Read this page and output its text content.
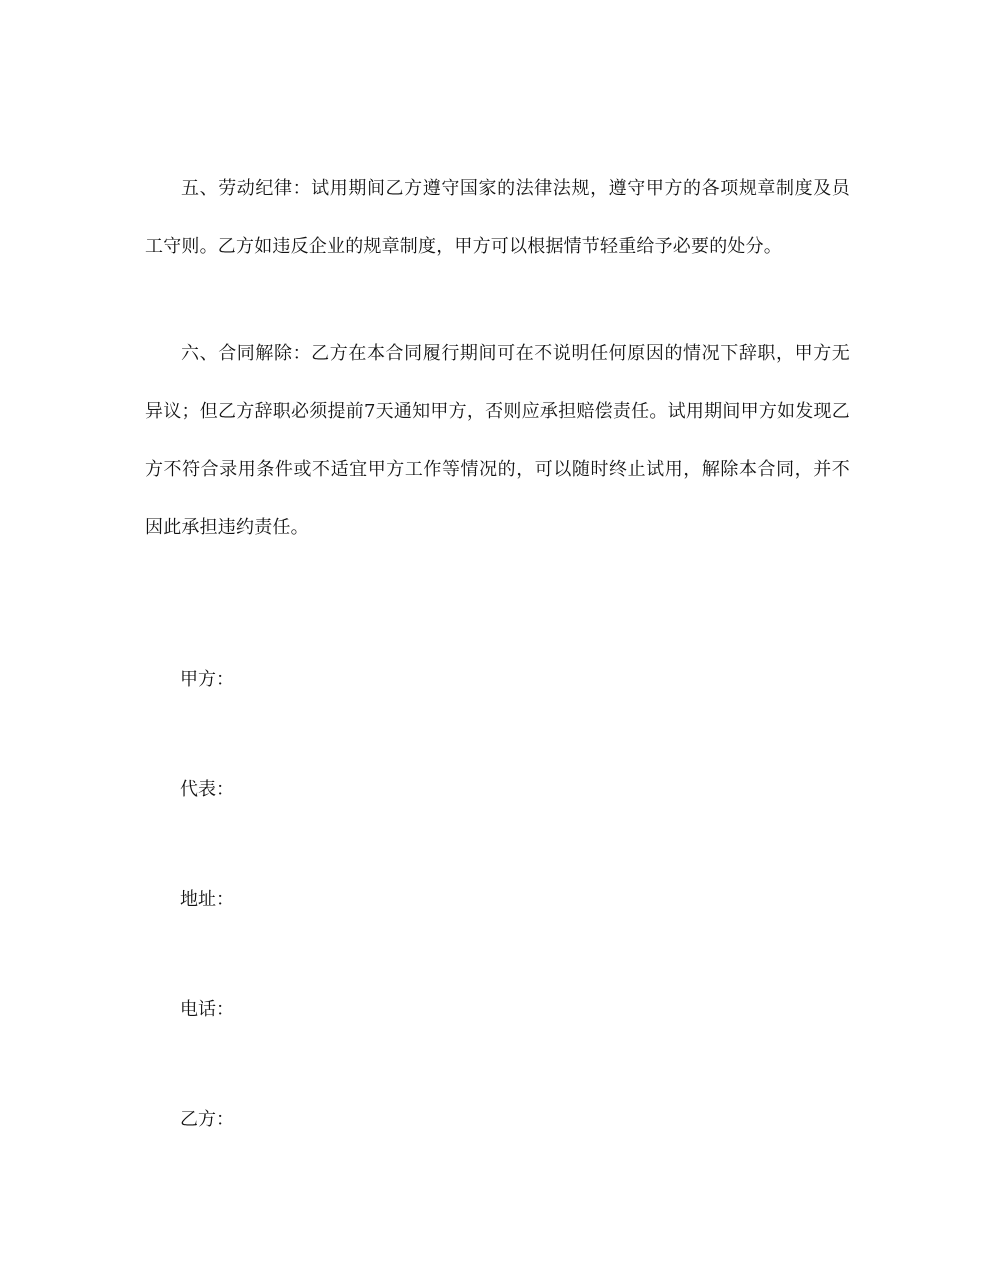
五、劳动纪律：试用期间乙方遵守国家的法律法规，遵守甲方的各项规章制度及员工守则。乙方如违反企业的规章制度，甲方可以根据情节轻重给予必要的处分。

六、合同解除：乙方在本合同履行期间可在不说明任何原因的情况下辞职，甲方无异议；但乙方辞职必须提前7天通知甲方，否则应承担赔偿责任。试用期间甲方如发现乙方不符合录用条件或不适宜甲方工作等情况的，可以随时终止试用，解除本合同，并不因此承担违约责任。

甲方：

代表：

地址：

电话：

乙方：
